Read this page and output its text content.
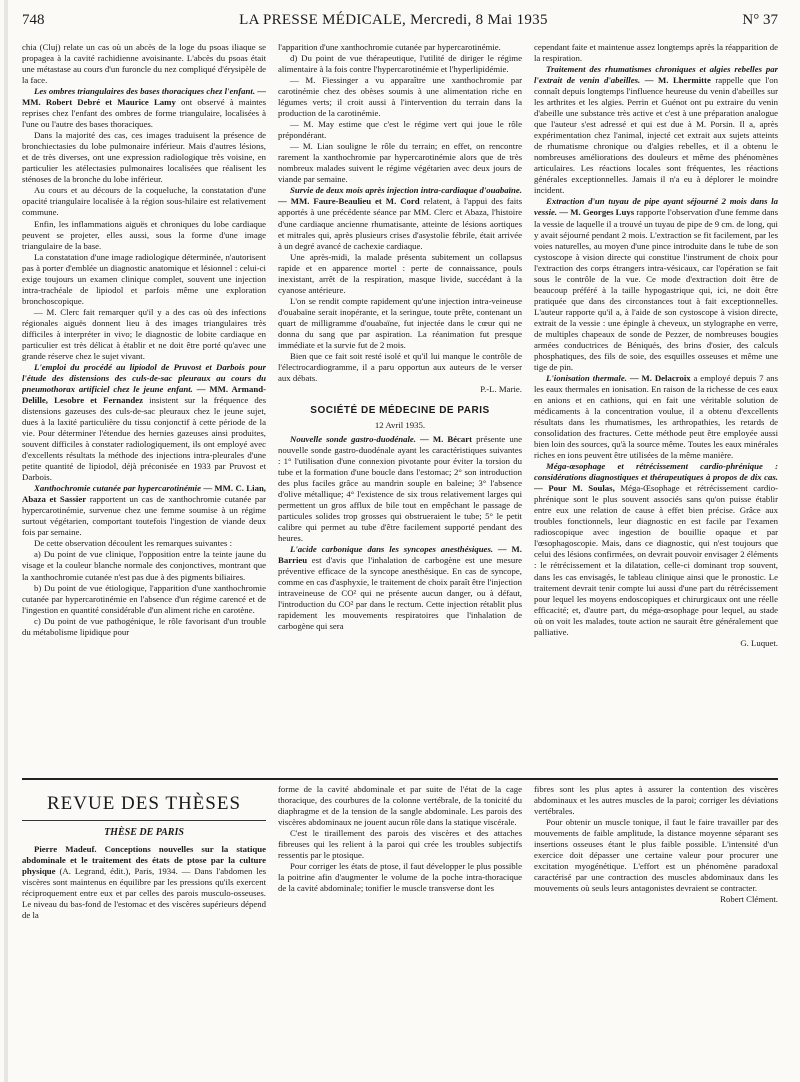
748	LA PRESSE MÉDICALE, Mercredi, 8 Mai 1935	N° 37

chia (Cluj) relate un cas où un abcès de la loge du psoas iliaque se propagea à la cavité rachidienne avoisinante. L'abcès du psoas était une métastase au cours d'un furoncle du nez compliqué d'érysipèle de la face.

Les ombres triangulaires des bases thoraciques chez l'enfant. — MM. Robert Debré et Maurice Lamy ont observé à maintes reprises chez l'enfant des ombres de forme triangulaire, localisées à l'une ou l'autre des bases thoraciques.

Dans la majorité des cas, ces images traduisent la présence de bronchiectasies du lobe pulmonaire inférieur. Mais d'autres lésions, et de très diverses, ont une expression radiologique très voisine, en particulier les atélectasies pulmonaires localisées que réalisent les sténoses de la bronche du lobe inférieur.

Au cours et au décours de la coqueluche, la constatation d'une opacité triangulaire localisée à la région sous-hilaire est relativement commune.

Enfin, les inflammations aiguës et chroniques du lobe cardiaque peuvent se projeter, elles aussi, sous la forme d'une image triangulaire de la base.

La constatation d'une image radiologique déterminée, n'autorisent pas à porter d'emblée un diagnostic anatomique et lésionnel : celui-ci exige toujours un examen clinique complet, souvent une injection intra-trachéale de lipiodol et parfois même une exploration bronchoscopique.

— M. Clerc fait remarquer qu'il y a des cas où des infections régionales aiguës donnent lieu à des images triangulaires très difficiles à interpréter in vivo; le diagnostic de lobite cardiaque en particulier est très délicat à établir et ne doit être porté qu'avec une grande réserve chez le sujet vivant.

L'emploi du procédé au lipiodol de Pruvost et Darbois pour l'étude des distensions des culs-de-sac pleuraux au cours du pneumothorax artificiel chez le jeune enfant. — MM. Armand-Delille, Lesobre et Fernandez insistent sur la fréquence des distensions gazeuses des culs-de-sac pleuraux chez le jeune sujet, dues à la laxité particulière du tissu conjonctif à cette période de la vie. Pour déterminer l'étendue des hernies gazeuses ainsi produites, souvent difficiles à constater radiologiquement, ils ont employé avec d'excellents résultats la méthode des injections intra-pleurales d'une petite quantité de lipiodol, déjà préconisée en 1933 par Pruvost et Darbois.

Xanthochromie cutanée par hypercarotinémie — MM. C. Lian, Abaza et Sassier rapportent un cas de xanthochromie cutanée par hypercarotinémie, survenue chez une femme soumise à un régime surtout végétarien, comportant toutefois l'ingestion de viande deux fois par semaine.

De cette observation découlent les remarques suivantes :

a) Du point de vue clinique, l'opposition entre la teinte jaune du visage et la couleur blanche normale des conjonctives, montrant que la xanthochromie cutanée n'est pas due à des pigments biliaires.

b) Du point de vue étiologique, l'apparition d'une xanthochromie cutanée par hypercarotinémie en l'absence d'un régime carencé et de l'ingestion en quantité considérable d'un aliment riche en carotène.

c) Du point de vue pathogénique, le rôle favorisant d'un trouble du métabolisme lipidique pour

l'apparition d'une xanthochromie cutanée par hypercarotinémie.

d) Du point de vue thérapeutique, l'utilité de diriger le régime alimentaire à la fois contre l'hypercarotinémie et l'hyperlipidémie.

— M. Fiessinger a vu apparaître une xanthochromie par carotinémie chez des obèses soumis à une alimentation riche en légumes verts; il croit aussi à l'intervention du terrain dans la production de la carotinémie.

— M. May estime que c'est le régime vert qui joue le rôle prépondérant.

— M. Lian souligne le rôle du terrain; en effet, on rencontre rarement la xanthochromie par hypercarotinémie alors que de très nombreux malades suivent le régime végétarien avec deux jours de viande par semaine.

Survie de deux mois après injection intra-cardiaque d'ouabaïne. — MM. Faure-Beaulieu et M. Cord relatent, à l'appui des faits apportés à une précédente séance par MM. Clerc et Abaza, l'histoire d'une cardiaque ancienne rhumatisante, atteinte de lésions aortiques et mitrales qui, après plusieurs crises d'asystolie fébrile, était arrivée à un degré avancé de cachexie cardiaque.

Une après-midi, la malade présenta subitement un collapsus rapide et en apparence mortel : perte de connaissance, pouls inexistant, arrêt de la respiration, masque livide, succédant à la cyanose antérieure.

L'on se rendit compte rapidement qu'une injection intra-veineuse d'ouabaïne serait inopérante, et la seringue, toute prête, contenant un quart de milligramme d'ouabaïne, fut injectée dans le cœur qui ne donna du sang que par aspiration. La réanimation fut presque immédiate et la survie fut de 2 mois.

Bien que ce fait soit resté isolé et qu'il lui manque le contrôle de l'électrocardiogramme, il a paru opportun aux auteurs de le verser aux débats.

P.-L. Marie.

SOCIÉTÉ DE MÉDECINE DE PARIS
12 Avril 1935.

Nouvelle sonde gastro-duodénale. — M. Bécart présente une nouvelle sonde gastro-duodénale ayant les caractéristiques suivantes : 1° l'utilisation d'une connexion pivotante pour éviter la torsion du tube et la formation d'une boucle dans l'estomac; 2° son introduction des plus faciles grâce au mandrin souple en baleine; 3° l'absence d'olive métallique; 4° l'existence de six trous relativement larges qui permettent un gros afflux de bile tout en empêchant le passage de particules solides trop grosses qui obstrueraient le tube; 5° le petit calibre qui permet au tube d'être facilement supporté pendant des heures.

L'acide carbonique dans les syncopes anesthésiques. — M. Barrieu est d'avis que l'inhalation de carbogène est une mesure préventive efficace de la syncope anesthésique. En cas de syncope, comme en cas d'asphyxie, le traitement de choix paraît être l'injection intraveineuse de CO² qui ne présente aucun danger, ou à défaut, l'introduction du CO² par dans le rectum. Cette injection rétablit plus rapidement les mouvements respiratoires que l'inhalation de carbogène qui sera

cependant faite et maintenue assez longtemps après la réapparition de la respiration.

Traitement des rhumatismes chroniques et algies rebelles par l'extrait de venin d'abeilles. — M. Lhermitte rappelle que l'on connaît depuis longtemps l'influence heureuse du venin d'abeilles sur les arthrites et les algies. Perrin et Guénot ont pu extraire du venin d'abeille une substance très active et c'est à une préparation analogue que l'auteur s'est adressé et qui est due à M. Porsin. Il a, après expérimentation chez l'animal, injecté cet extrait aux sujets atteints de rhumatisme chronique ou d'algies rebelles, et il a obtenu le nombreuses améliorations des douleurs et même des phénomènes articulaires. Les réactions locales sont fréquentes, les réactions générales exceptionnelles. Jamais il n'a eu à déplorer le moindre incident.

Extraction d'un tuyau de pipe ayant séjourné 2 mois dans la vessie. — M. Georges Luys rapporte l'observation d'une femme dans la vessie de laquelle il a trouvé un tuyau de pipe de 9 cm. de long, qui y avait séjourné pendant 2 mois. L'extraction se fit facilement, par les voies naturelles, au moyen d'une pince introduite dans le tube de son cystoscope à vision directe qui constitue l'instrument de choix pour l'extraction des corps étrangers intra-vésicaux, car l'opération se fait sous le contrôle de la vue. Ce mode d'extraction doit être de beaucoup préféré à la taille hypogastrique qui, ici, ne doit être pratiquée que dans des circonstances tout à fait exceptionnelles. L'auteur rapporte qu'il a, à l'aide de son cystoscope à vision directe, extrait de la vessie : une épingle à cheveux, un stylographe en verre, de multiples chapeaux de sonde de Pezzer, de nombreuses bougies armées conductrices de Béniqués, des brins d'osier, des calculs phosphatiques, des fils de soie, des esquilles osseuses et même une tige de pin.

L'ionisation thermale. — M. Delacroix a employé depuis 7 ans les eaux thermales en ionisation. En raison de la richesse de ces eaux en anions et en cathions, qui en fait une véritable solution de médicaments à la concentration voulue, il a obtenu d'excellents résultats dans les rhumatismes, les arthropathies, les retards de consolidation des fractures. Cette méthode peut être employée aussi bien loin des sources, qu'à la source même. Toutes les eaux minérales riches en ions peuvent être utilisées de la même manière.

Méga-œsophage et rétrécissement cardio-phrénique : considérations diagnostiques et thérapeutiques à propos de dix cas. — Pour M. Soulas, Méga-Œsophage et rétrécissement cardio-phrénique sont le plus souvent associés sans qu'on puisse établir entre eux une relation de cause à effet bien précise. Grâce aux troubles fonctionnels, leur diagnostic en est facile par l'examen radioscopique avec ingestion de bouillie opaque et par l'œsophagoscopie. Mais, dans ce diagnostic, qui n'est toujours que celui des lésions confirmées, on devrait pouvoir envisager 2 éléments : le rétrécissement et la dilatation, celle-ci dominant trop souvent, dans les cas envisagés, le tableau clinique ainsi que le pronostic. Le traitement devrait tenir compte lui aussi d'une part du rétrécissement pour lequel les moyens endoscopiques et chirurgicaux ont une réelle efficacité; et, d'autre part, du méga-œsophage pour lequel, au stade où on voit les malades, toute action ne saurait être généralement que palliative.

G. Luquet.

REVUE DES THÈSES
THÈSE DE PARIS

Pierre Madeuf. Conceptions nouvelles sur la statique abdominale et le traitement des états de ptose par la culture physique (A. Legrand, édit.), Paris, 1934. — Dans l'abdomen les viscères sont maintenus en équilibre par les pressions qu'ils exercent réciproquement entre eux et par celles des parois musculo-osseuses. Le niveau du bas-fond de l'estomac et des viscères supérieurs dépend de la

forme de la cavité abdominale et par suite de l'état de la cage thoracique, des courbures de la colonne vertébrale, de la tonicité du diaphragme et de la tension de la sangle abdominale. Les parois des viscères abdominaux ne jouent aucun rôle dans la statique viscérale.

C'est le tiraillement des parois des viscères et des attaches fibreuses qui les relient à la paroi qui crée les troubles subjectifs ressentis par le ptosique.

Pour corriger les états de ptose, il faut développer le plus possible la poitrine afin d'augmenter le volume de la poche intra-thoracique de la cavité abdominale; tonifier le muscle transverse dont les

fibres sont les plus aptes à assurer la contention des viscères abdominaux et les autres muscles de la paroi; corriger les déviations vertébrales.

Pour obtenir un muscle tonique, il faut le faire travailler par des mouvements de faible amplitude, la distance moyenne séparant ses insertions osseuses étant le plus faible possible. L'intensité d'un exercice doit dépasser une certaine valeur pour procurer une excitation myogénétique. L'effort est un phénomène paradoxal caractérisé par une contraction des muscles abdominaux dans les mouvements où seuls leurs antagonistes devraient se contracter.

Robert Clément.
